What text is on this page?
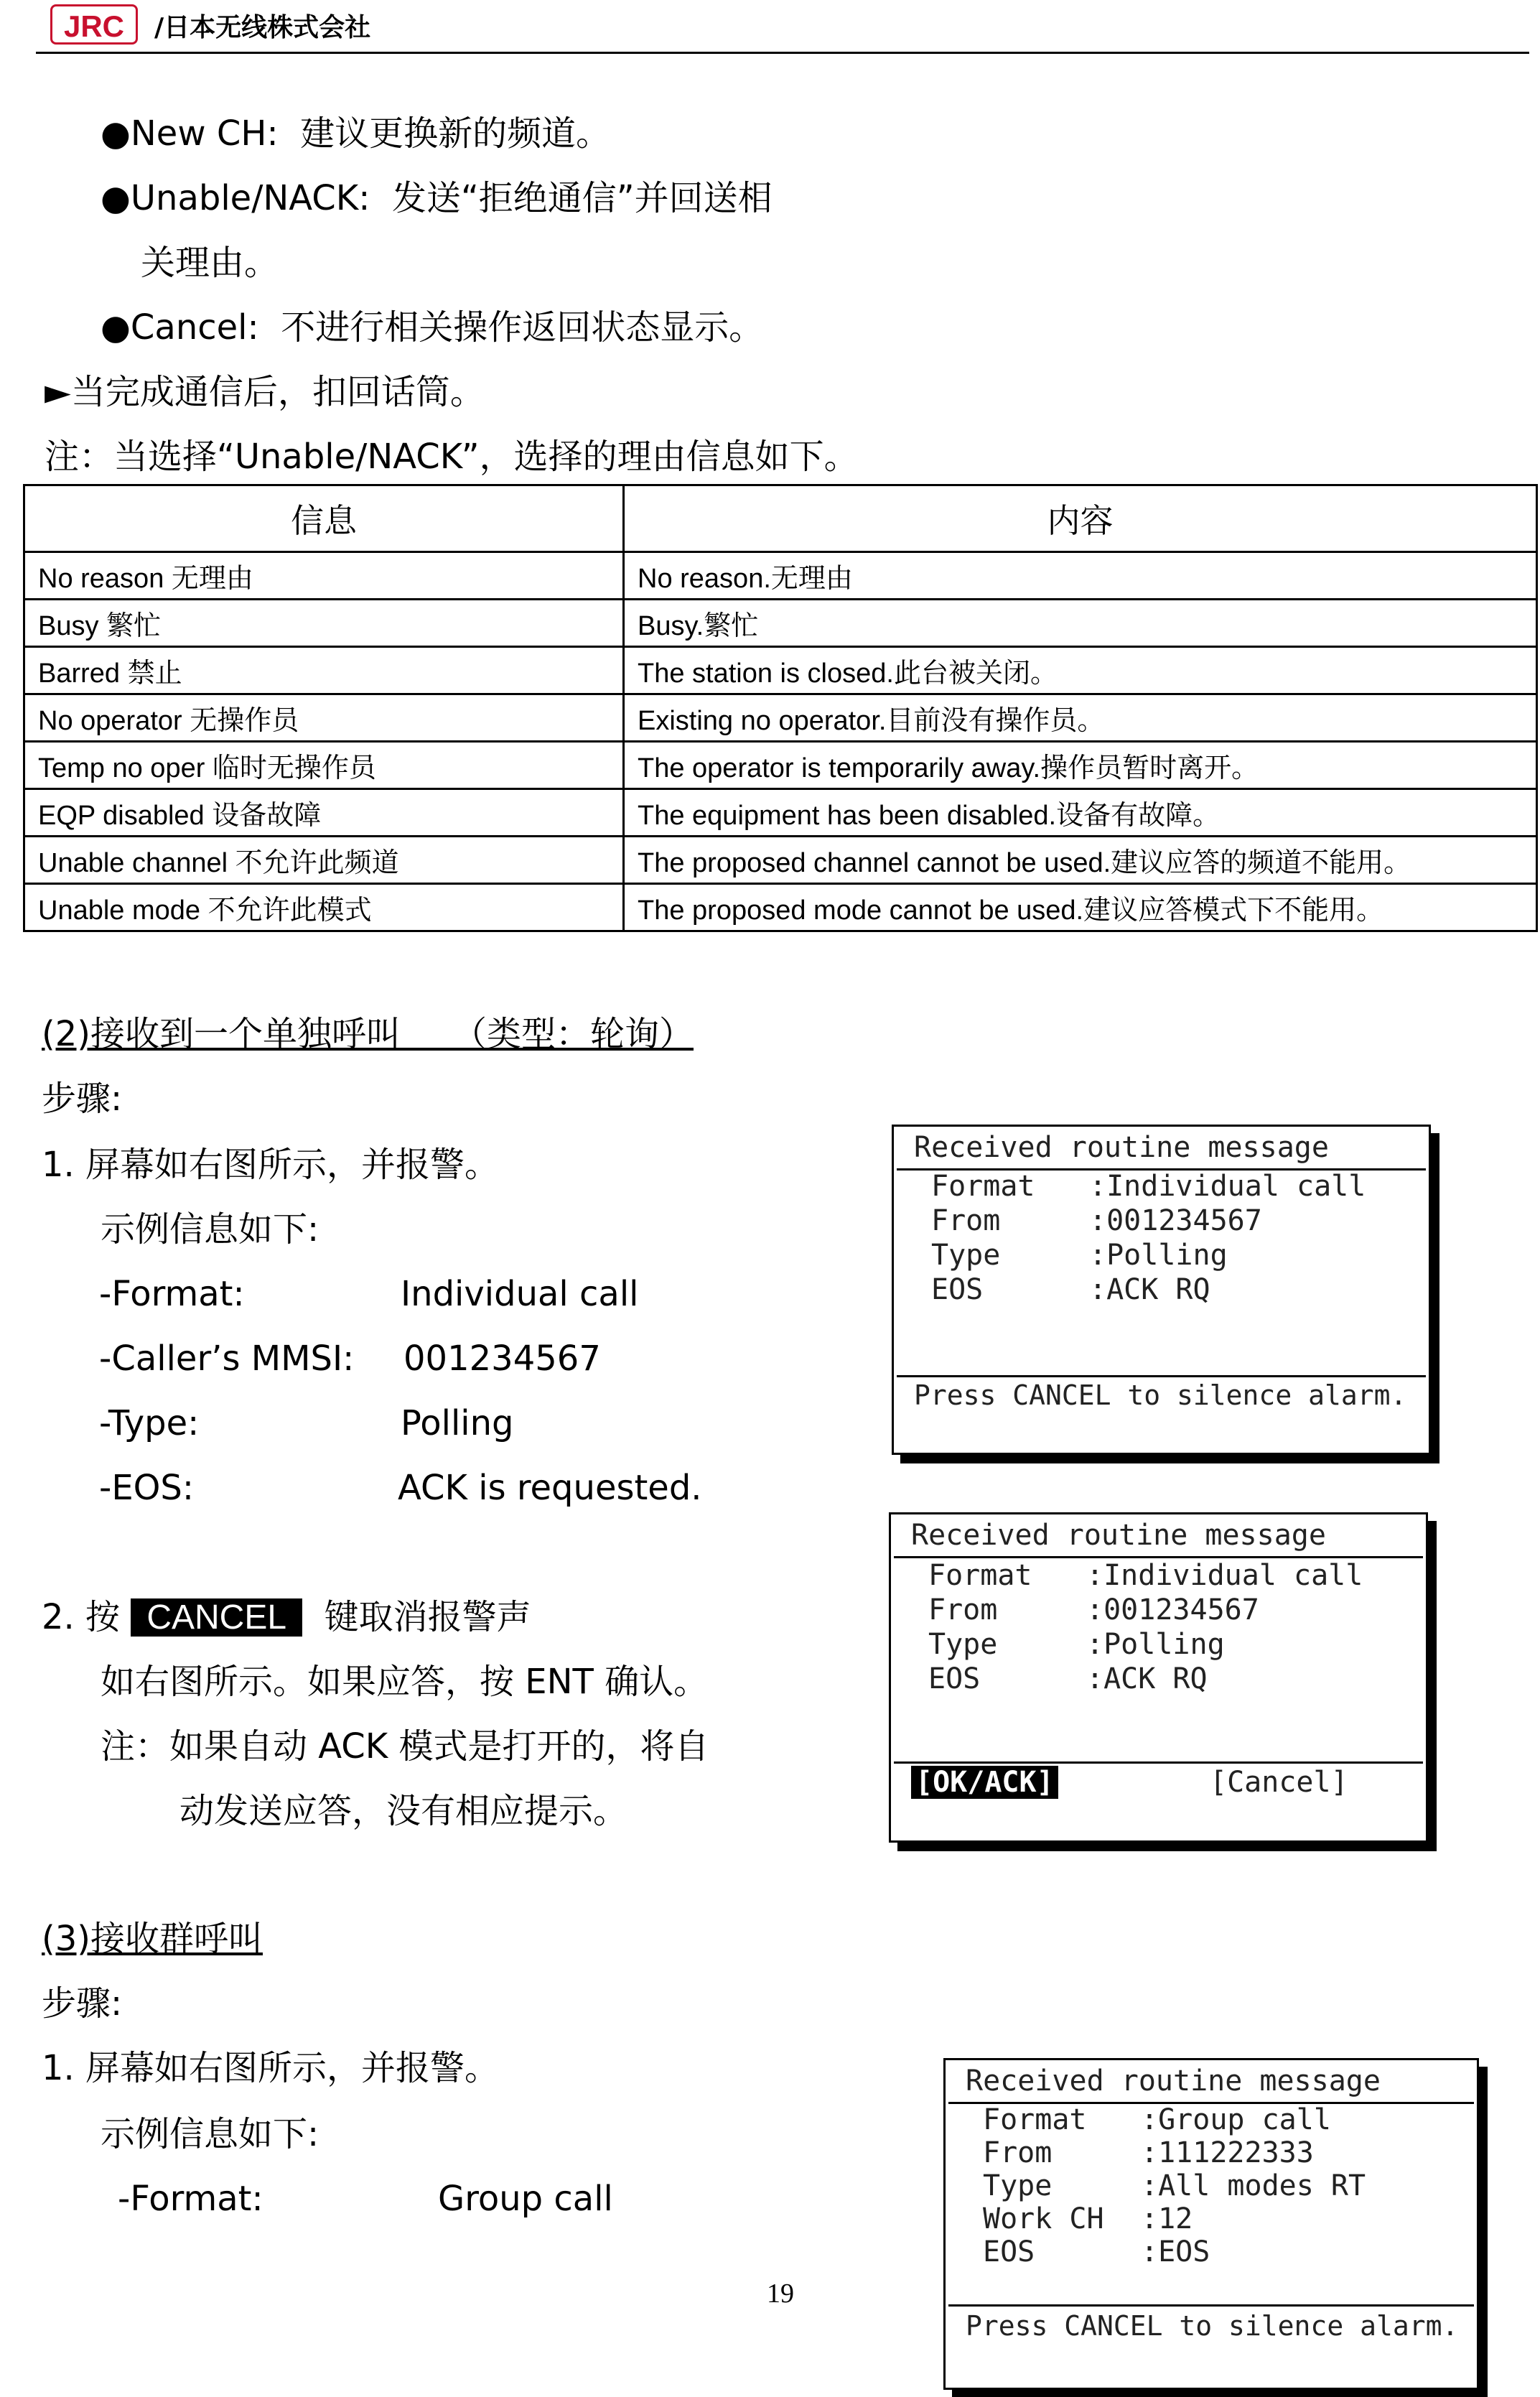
JRC	/日本无线株式会社
●New CH: 建议更换新的频道。
●Unable/NACK: 发送“拒绝通信”并回送相
关理由。
●Cancel: 不进行相关操作返回状态显示。
►当完成通信后，扣回话筒。
注：当选择“Unable/NACK”，选择的理由信息如下。
信息	内容
No reason 无理由	No reason.无理由
Busy 繁忙	Busy.繁忙
Barred 禁止	The station is closed.此台被关闭。
No operator 无操作员	Existing no operator.目前没有操作员。
Temp no oper 临时无操作员	The operator is temporarily away.操作员暂时离开。
EQP disabled 设备故障	The equipment has been disabled.设备有故障。
Unable channel 不允许此频道	The proposed channel cannot be used.建议应答的频道不能用。
Unable mode 不允许此模式	The proposed mode cannot be used.建议应答模式下不能用。
(2)接收到一个单独呼叫　　（类型：轮询）
步骤:
1. 屏幕如右图所示，并报警。
示例信息如下:
-Format:	Individual call
-Caller’s MMSI: 001234567
-Type:	Polling
-EOS:	ACK is requested.
2. 按 CANCEL 键取消报警声
如右图所示。如果应答，按 ENT 确认。
注：如果自动 ACK 模式是打开的，将自
动发送应答，没有相应提示。
Received routine message
Format :Individual call
From	:001234567
Type	:Polling
EOS	:ACK RQ
Press CANCEL to silence alarm.
Received routine message
Format :Individual call
From	:001234567
Type	:Polling
EOS	:ACK RQ
[OK/ACK]	[Cancel]
(3)接收群呼叫
步骤:
1. 屏幕如右图所示，并报警。
示例信息如下:
-Format:	Group call
Received routine message
Format :Group call
From	:111222333
Type	:All modes RT
Work CH :12
EOS	:EOS
Press CANCEL to silence alarm.
19
